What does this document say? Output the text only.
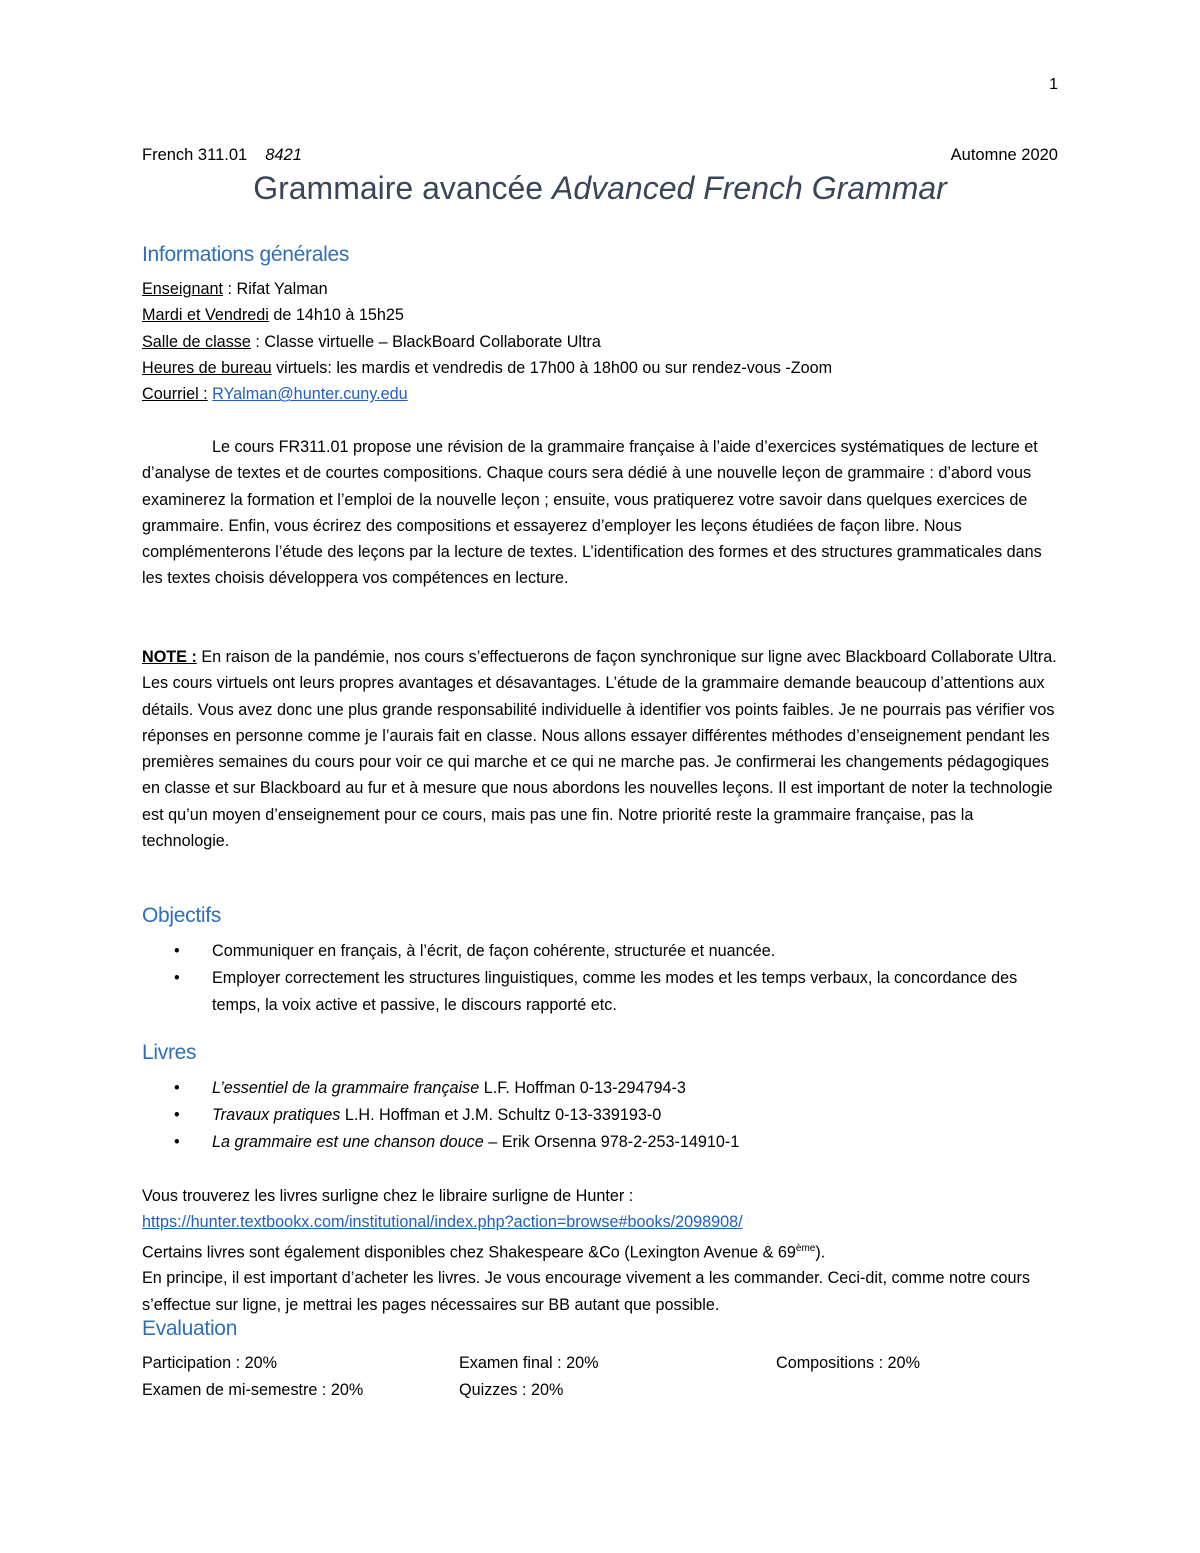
1
French 311.01 8421	Automne 2020
Grammaire avancée Advanced French Grammar
Informations générales
Enseignant : Rifat Yalman
Mardi et Vendredi de 14h10 à 15h25
Salle de classe : Classe virtuelle – BlackBoard Collaborate Ultra
Heures de bureau virtuels: les mardis et vendredis de 17h00 à 18h00 ou sur rendez-vous -Zoom
Courriel : RYalman@hunter.cuny.edu
Le cours FR311.01 propose une révision de la grammaire française à l’aide d’exercices systématiques de lecture et d’analyse de textes et de courtes compositions. Chaque cours sera dédié à une nouvelle leçon de grammaire : d’abord vous examinerez la formation et l’emploi de la nouvelle leçon ; ensuite, vous pratiquerez votre savoir dans quelques exercices de grammaire. Enfin, vous écrirez des compositions et essayerez d’employer les leçons étudiées de façon libre. Nous complémenterons l’étude des leçons par la lecture de textes. L’identification des formes et des structures grammaticales dans les textes choisis développera vos compétences en lecture.
NOTE : En raison de la pandémie, nos cours s’effectuerons de façon synchronique sur ligne avec Blackboard Collaborate Ultra. Les cours virtuels ont leurs propres avantages et désavantages. L’étude de la grammaire demande beaucoup d’attentions aux détails. Vous avez donc une plus grande responsabilité individuelle à identifier vos points faibles. Je ne pourrais pas vérifier vos réponses en personne comme je l’aurais fait en classe. Nous allons essayer différentes méthodes d’enseignement pendant les premières semaines du cours pour voir ce qui marche et ce qui ne marche pas. Je confirmerai les changements pédagogiques en classe et sur Blackboard au fur et à mesure que nous abordons les nouvelles leçons. Il est important de noter la technologie est qu’un moyen d’enseignement pour ce cours, mais pas une fin. Notre priorité reste la grammaire française, pas la technologie.
Objectifs
• Communiquer en français, à l’écrit, de façon cohérente, structurée et nuancée.
• Employer correctement les structures linguistiques, comme les modes et les temps verbaux, la concordance des temps, la voix active et passive, le discours rapporté etc.
Livres
• L’essentiel de la grammaire française L.F. Hoffman 0-13-294794-3
• Travaux pratiques L.H. Hoffman et J.M. Schultz 0-13-339193-0
• La grammaire est une chanson douce – Erik Orsenna 978-2-253-14910-1
Vous trouverez les livres surligne chez le libraire surligne de Hunter :
https://hunter.textbookx.com/institutional/index.php?action=browse#books/2098908/
Certains livres sont également disponibles chez Shakespeare &Co (Lexington Avenue & 69ème).
En principe, il est important d’acheter les livres. Je vous encourage vivement a les commander. Ceci-dit, comme notre cours s’effectue sur ligne, je mettrai les pages nécessaires sur BB autant que possible.
Evaluation
Participation : 20%	Examen final : 20%	Compositions : 20%
Examen de mi-semestre : 20%	Quizzes : 20%
